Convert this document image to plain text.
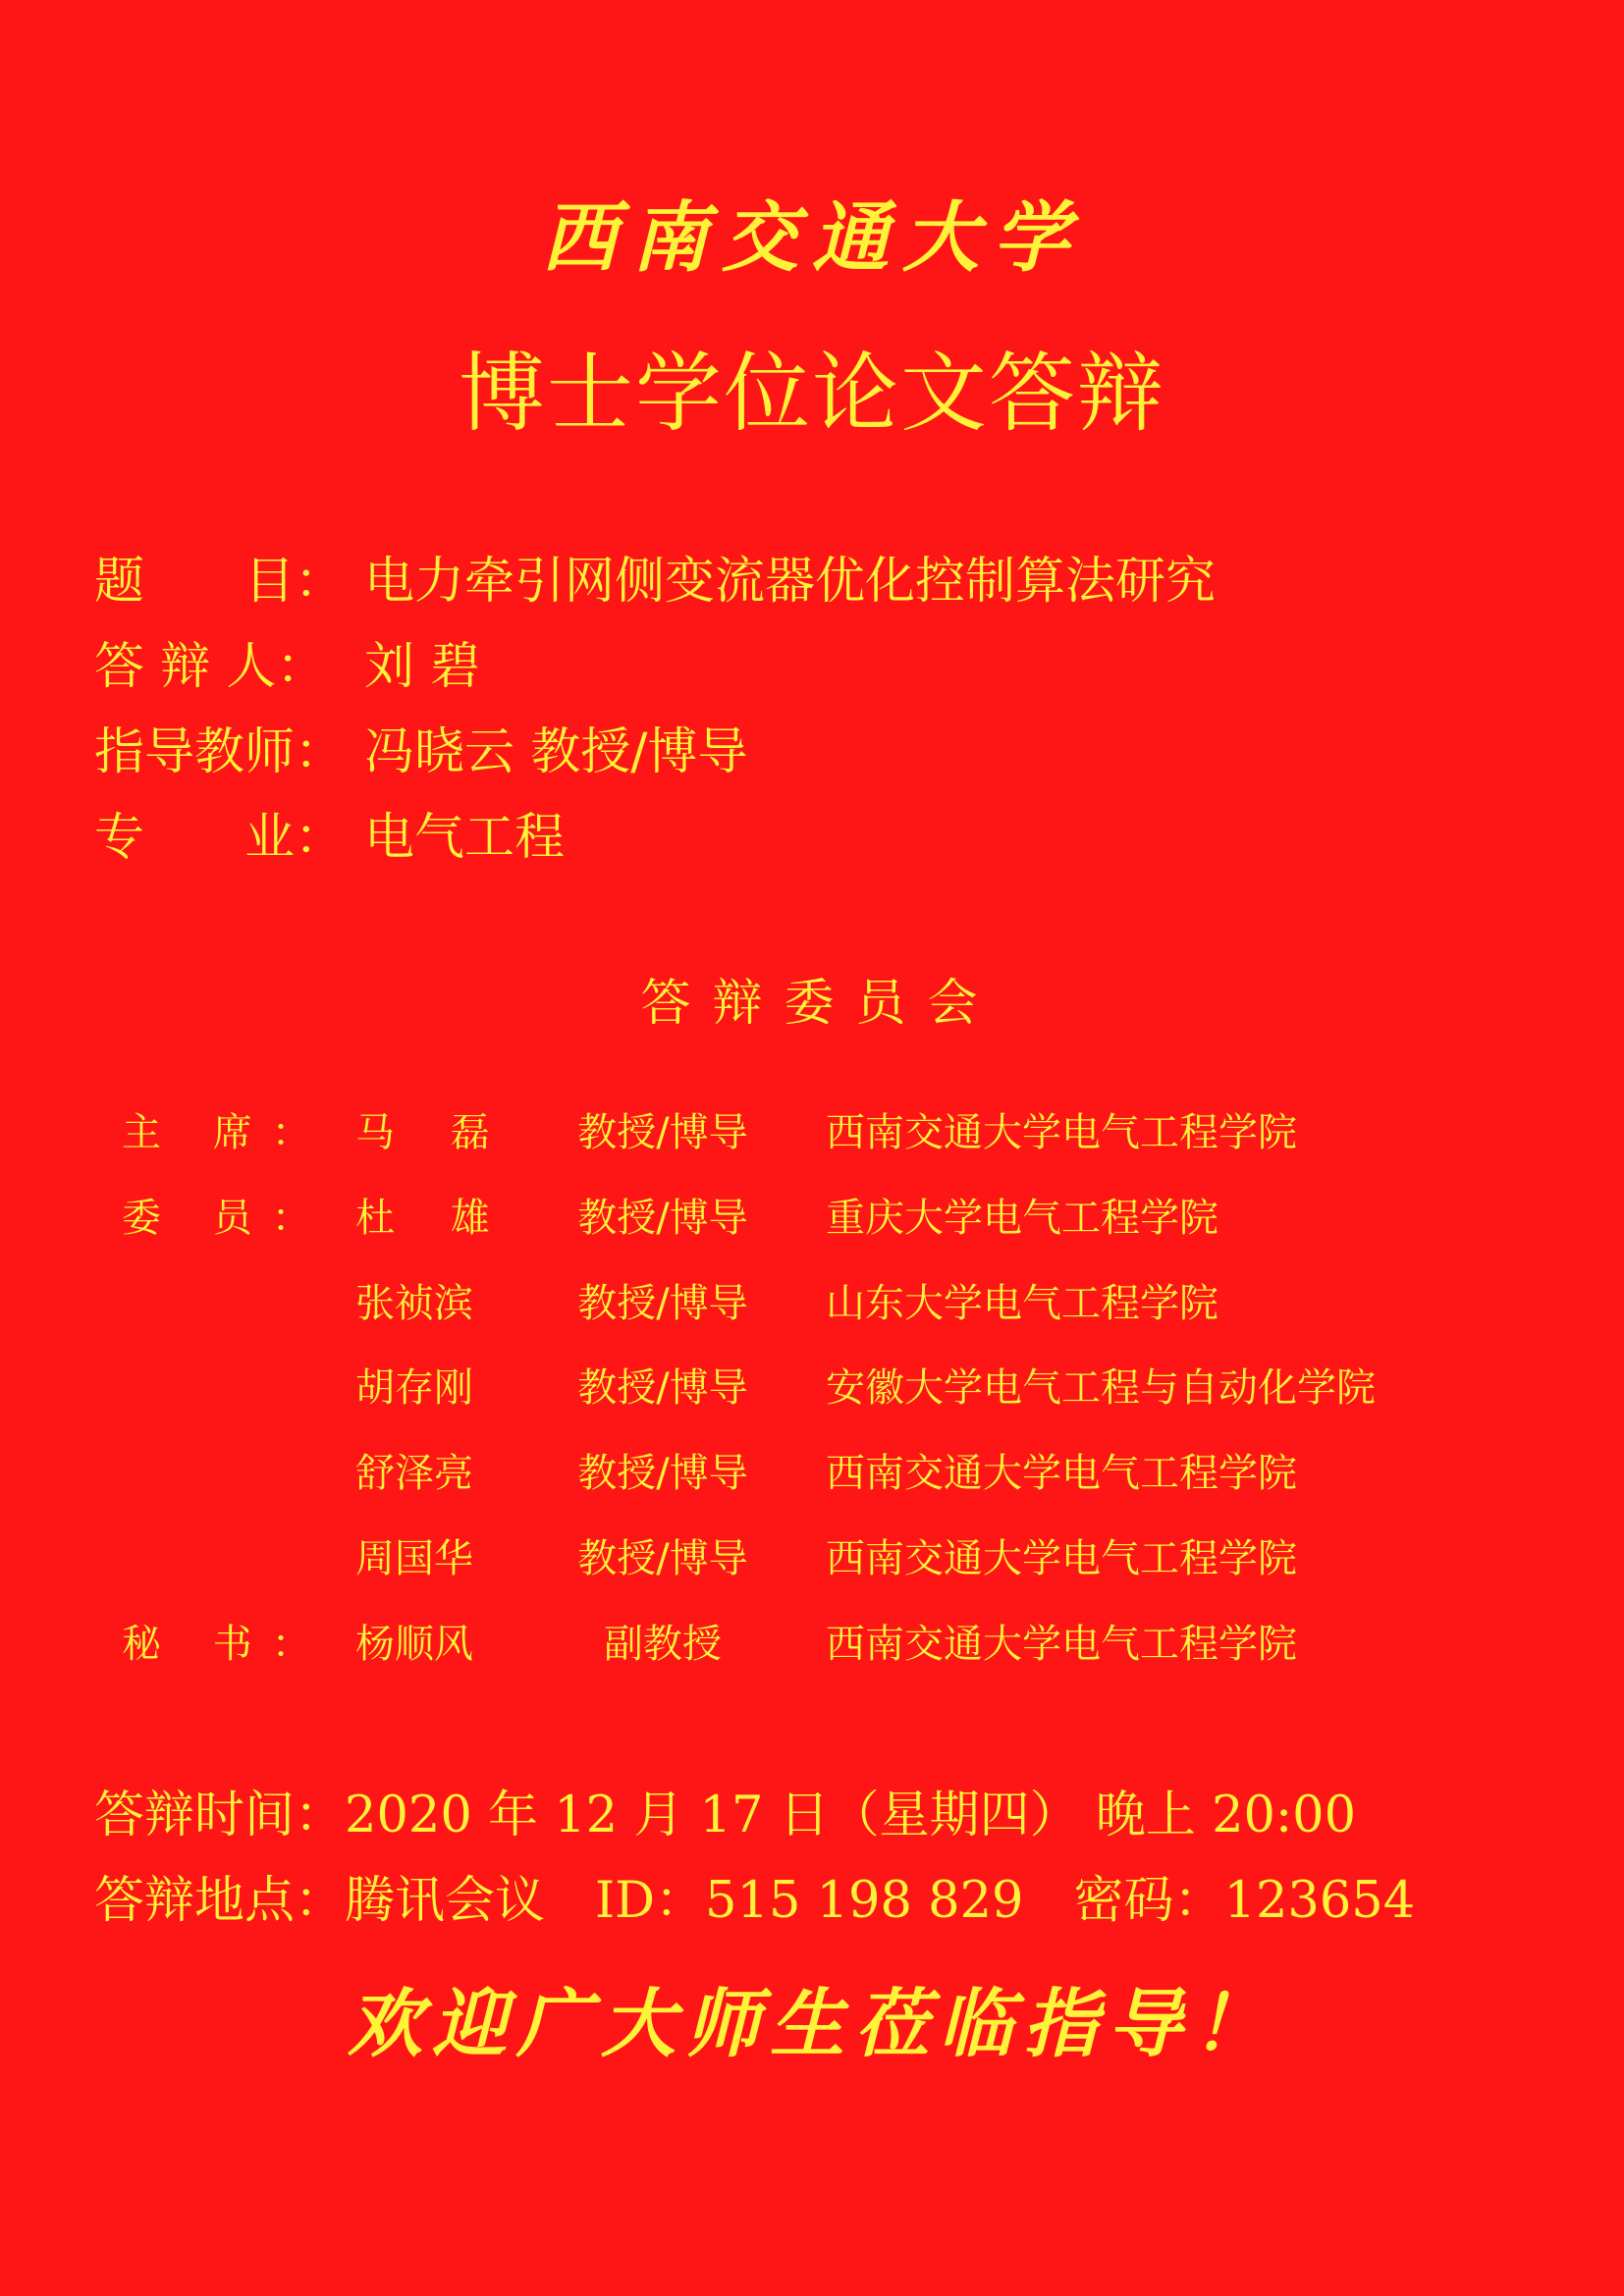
西南交通大学
博士学位论文答辩
题　　目： 电力牵引网侧变流器优化控制算法研究
答 辩 人： 刘 碧
指导教师： 冯晓云 教授/博导
专　　业： 电气工程
答辩委员会
主 席： 马 磊 教授/博导 西南交通大学电气工程学院
委 员： 杜 雄 教授/博导 重庆大学电气工程学院
张祯滨	教授/博导 山东大学电气工程学院
胡存刚	教授/博导 安徽大学电气工程与自动化学院
舒泽亮	教授/博导 西南交通大学电气工程学院
周国华	教授/博导 西南交通大学电气工程学院
秘 书： 杨顺风	副教授	西南交通大学电气工程学院
答辩时间：2020 年 12 月 17 日（星期四） 晚上 20:00
答辩地点：腾讯会议　ID：515 198 829　密码：123654
欢迎广大师生莅临指导！
